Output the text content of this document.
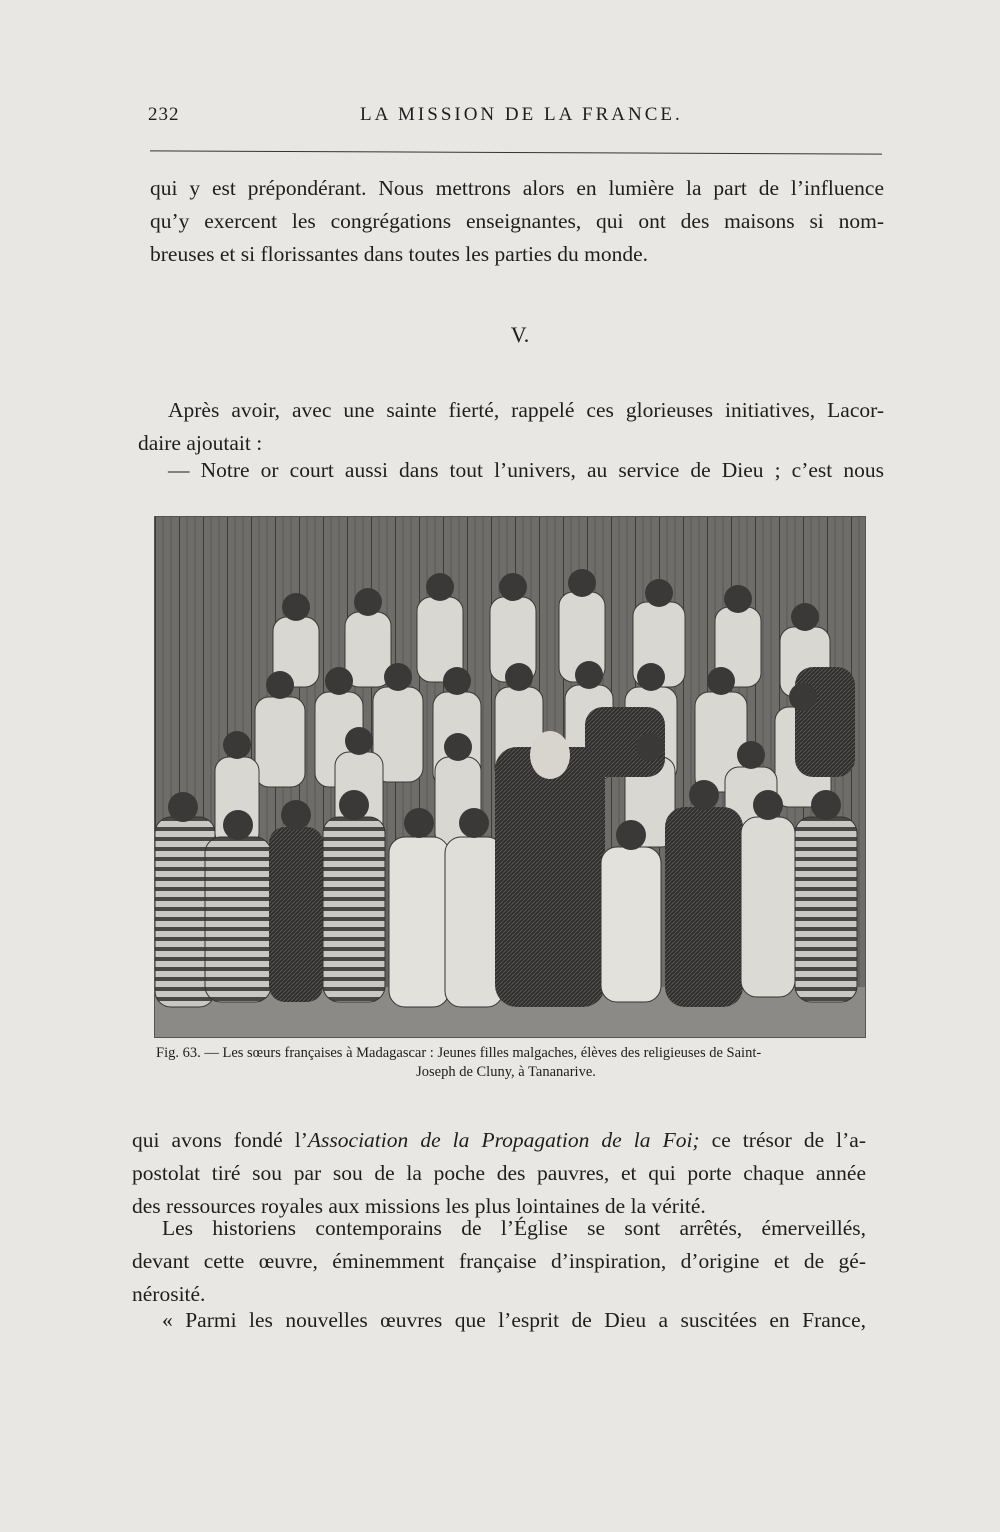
232	LA MISSION DE LA FRANCE.

qui y est prépondérant. Nous mettrons alors en lumière la part de l’influence
qu’y exercent les congrégations enseignantes, qui ont des maisons si nom-
breuses et si florissantes dans toutes les parties du monde.

V.

Après avoir, avec une sainte fierté, rappelé ces glorieuses initiatives, Lacor-
daire ajoutait :

— Notre or court aussi dans tout l’univers, au service de Dieu ; c’est nous

Fig. 63. — Les sœurs françaises à Madagascar : Jeunes filles malgaches, élèves des religieuses de Saint-
Joseph de Cluny, à Tananarive.

qui avons fondé l’Association de la Propagation de la Foi; ce trésor de l’a-
postolat tiré sou par sou de la poche des pauvres, et qui porte chaque année
des ressources royales aux missions les plus lointaines de la vérité.

Les historiens contemporains de l’Église se sont arrêtés, émerveillés,
devant cette œuvre, éminemment française d’inspiration, d’origine et de gé-
nérosité.

« Parmi les nouvelles œuvres que l’esprit de Dieu a suscitées en France,
